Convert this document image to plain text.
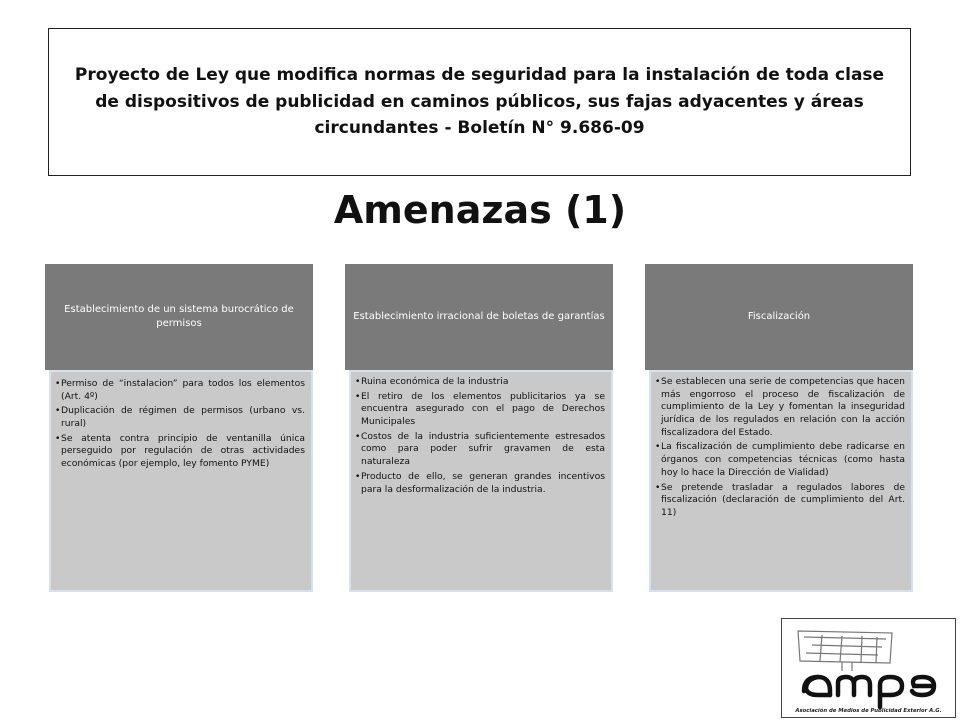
Proyecto de Ley que modifica normas de seguridad para la instalación de toda clase de dispositivos de publicidad en caminos públicos, sus fajas adyacentes y áreas circundantes - Boletín N° 9.686-09

Amenazas (1)
Establecimiento de un sistema burocrático de permisos
• Permiso de “instalacion” para todos los elementos (Art. 4º)
• Duplicación de régimen de permisos (urbano vs. rural)
• Se atenta contra principio de ventanilla única perseguido por regulación de otras actividades económicas (por ejemplo, ley fomento PYME)
Establecimiento irracional de boletas de garantías
• Ruina económica de la industria
• El retiro de los elementos publicitarios ya se encuentra asegurado con el pago de Derechos Municipales
• Costos de la industria suficientemente estresados como para poder sufrir gravamen de esta naturaleza
• Producto de ello, se generan grandes incentivos para la desformalización de la industria.
Fiscalización
• Se establecen una serie de competencias que hacen más engorroso el proceso de fiscalización de cumplimiento de la Ley y fomentan la inseguridad jurídica de los regulados en relación con la acción fiscalizadora del Estado.
• La fiscalización de cumplimiento debe radicarse en órganos con competencias técnicas (como hasta hoy lo hace la Dirección de Vialidad)
• Se pretende trasladar a regulados labores de fiscalización (declaración de cumplimiento del Art. 11)
Asociación de Medios de Publicidad Exterior A.G.
